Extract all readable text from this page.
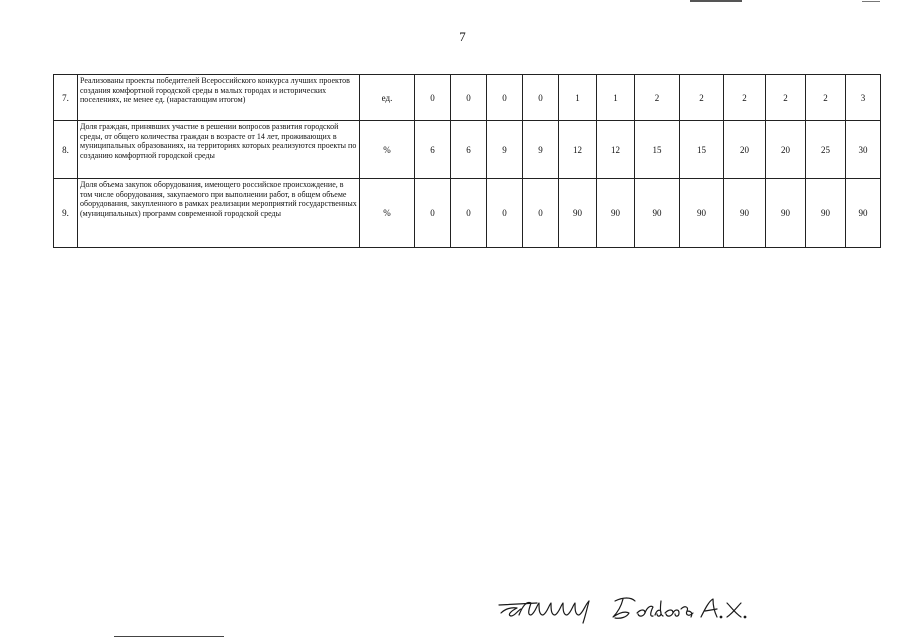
7
7.	Реализованы проекты победителей Всероссийского конкурса лучших проектов создания комфортной городской среды в малых городах и исторических поселениях, не менее ед. (нарастающим итогом)	ед.	0	0	0	0	1	1	2	2	2	2	2	3
8.	Доля граждан, принявших участие в решении вопросов развития городской среды, от общего количества граждан в возрасте от 14 лет, проживающих в муниципальных образованиях, на территориях которых реализуются проекты по созданию комфортной городской среды	%	6	6	9	9	12	12	15	15	20	20	25	30
9.	Доля объема закупок оборудования, имеющего российское происхождение, в том числе оборудования, закупаемого при выполнении работ, в общем объеме оборудования, закупленного в рамках реализации мероприятий государственных (муниципальных) программ современной городской среды	%	0	0	0	0	90	90	90	90	90	90	90	90
